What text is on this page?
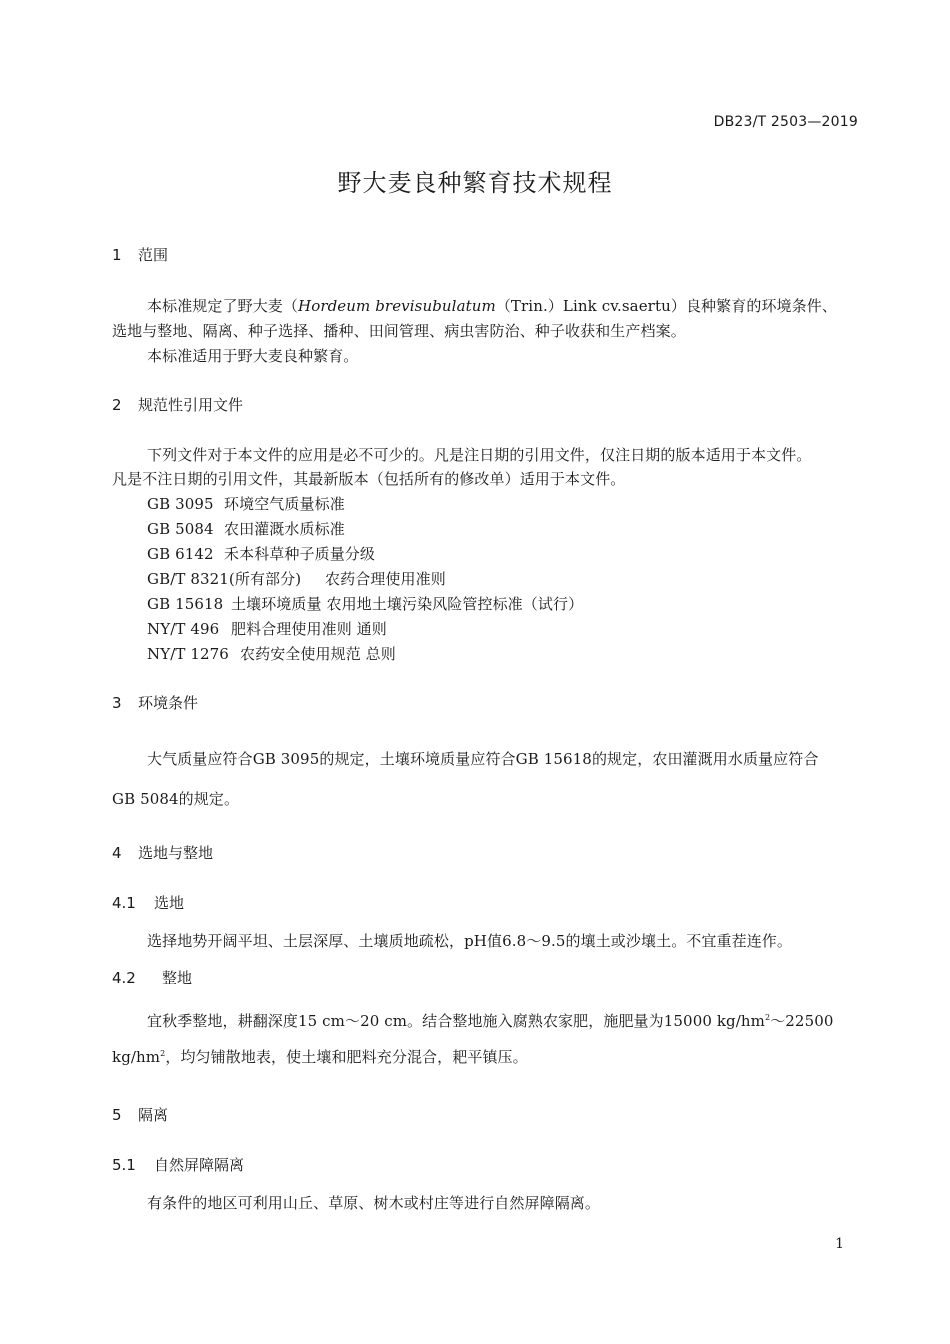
DB23/T 2503—2019
野大麦良种繁育技术规程
1 范围
本标准规定了野大麦（Hordeum brevisubulatum（Trin.）Link cv.saertu）良种繁育的环境条件、
选地与整地、隔离、种子选择、播种、田间管理、病虫害防治、种子收获和生产档案。
本标准适用于野大麦良种繁育。
2 规范性引用文件
下列文件对于本文件的应用是必不可少的。凡是注日期的引用文件，仅注日期的版本适用于本文件。
凡是不注日期的引用文件，其最新版本（包括所有的修改单）适用于本文件。
GB 3095 环境空气质量标准
GB 5084 农田灌溉水质标准
GB 6142 禾本科草种子质量分级
GB/T 8321(所有部分) 农药合理使用准则
GB 15618 土壤环境质量 农用地土壤污染风险管控标准（试行）
NY/T 496 肥料合理使用准则 通则
NY/T 1276 农药安全使用规范 总则
3 环境条件
大气质量应符合GB 3095的规定，土壤环境质量应符合GB 15618的规定，农田灌溉用水质量应符合
GB 5084的规定。
4 选地与整地
4.1 选地
选择地势开阔平坦、土层深厚、土壤质地疏松，pH值6.8～9.5的壤土或沙壤土。不宜重茬连作。
4.2 整地
宜秋季整地，耕翻深度15 cm～20 cm。结合整地施入腐熟农家肥，施肥量为15000 $kg/hm^2\sim 22500$
$kg/hm^2$，均匀铺散地表，使土壤和肥料充分混合，耙平镇压。
5 隔离
5.1 自然屏障隔离
有条件的地区可利用山丘、草原、树木或村庄等进行自然屏障隔离。
1
